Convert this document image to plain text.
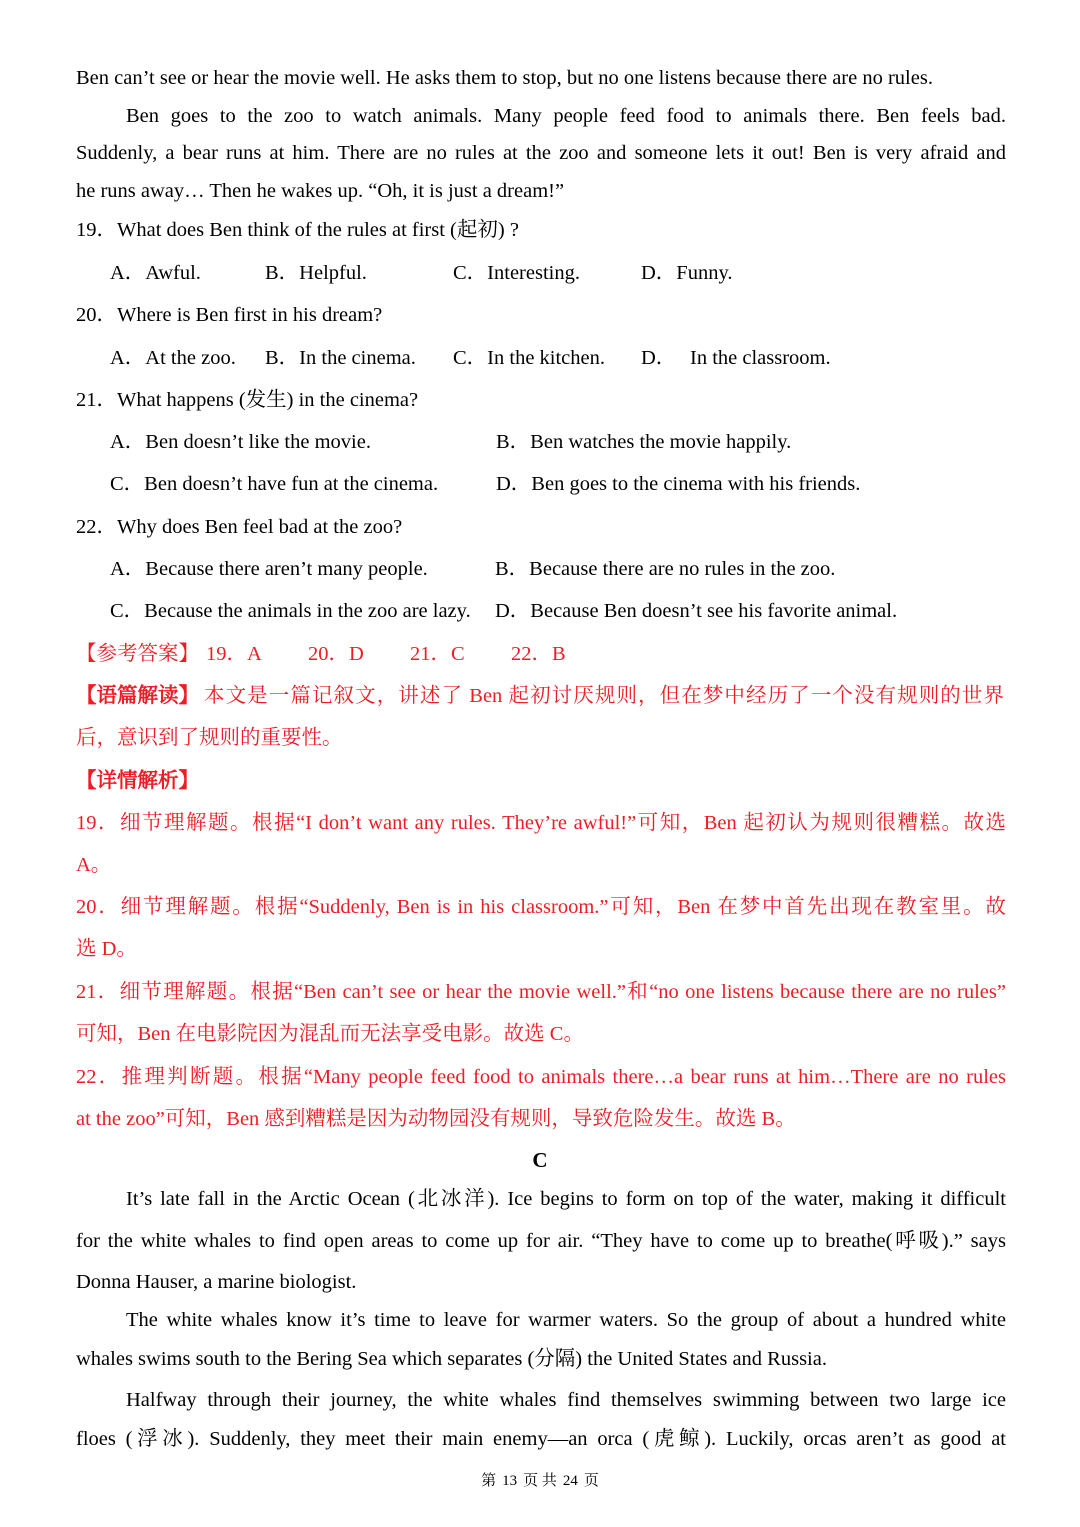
Ben can’t see or hear the movie well. He asks them to stop, but no one listens because there are no rules.
Ben goes to the zoo to watch animals. Many people feed food to animals there. Ben feels bad.
Suddenly, a bear runs at him. There are no rules at the zoo and someone lets it out! Ben is very afraid and
he runs away… Then he wakes up. “Oh, it is just a dream!”
19．What does Ben think of the rules at first (起初) ?
A．Awful.	B．Helpful.	C．Interesting.	D．Funny.
20．Where is Ben first in his dream?
A．At the zoo. B．In the cinema. C．In the kitchen. D． In the classroom.
21．What happens (发生) in the cinema?
A．Ben doesn’t like the movie.	B．Ben watches the movie happily.
C．Ben doesn’t have fun at the cinema.	D．Ben goes to the cinema with his friends.
22．Why does Ben feel bad at the zoo?
A．Because there aren’t many people.	B．Because there are no rules in the zoo.
C．Because the animals in the zoo are lazy. D．Because Ben doesn’t see his favorite animal.
【参考答案】 19．A 20．D 21．C 22．B
【语篇解读】 本文是一篇记叙文，讲述了 Ben 起初讨厌规则，但在梦中经历了一个没有规则的世界
后，意识到了规则的重要性。
【详情解析】
19．细节理解题。根据“I don’t want any rules. They’re awful!”可知，Ben 起初认为规则很糟糕。故选
A。
20．细节理解题。根据“Suddenly, Ben is in his classroom.”可知，Ben 在梦中首先出现在教室里。故
选 D。
21．细节理解题。根据“Ben can’t see or hear the movie well.”和“no one listens because there are no rules”
可知，Ben 在电影院因为混乱而无法享受电影。故选 C。
22．推理判断题。根据“Many people feed food to animals there…a bear runs at him…There are no rules
at the zoo”可知，Ben 感到糟糕是因为动物园没有规则，导致危险发生。故选 B。
C
It’s late fall in the Arctic Ocean (北冰洋). Ice begins to form on top of the water, making it difficult
for the white whales to find open areas to come up for air. “They have to come up to breathe(呼吸).” says
Donna Hauser, a marine biologist.
The white whales know it’s time to leave for warmer waters. So the group of about a hundred white
whales swims south to the Bering Sea which separates (分隔) the United States and Russia.
Halfway through their journey, the white whales find themselves swimming between two large ice
floes (浮冰). Suddenly, they meet their main enemy—an orca (虎鲸). Luckily, orcas aren’t as good at
第 13 页 共 24 页
